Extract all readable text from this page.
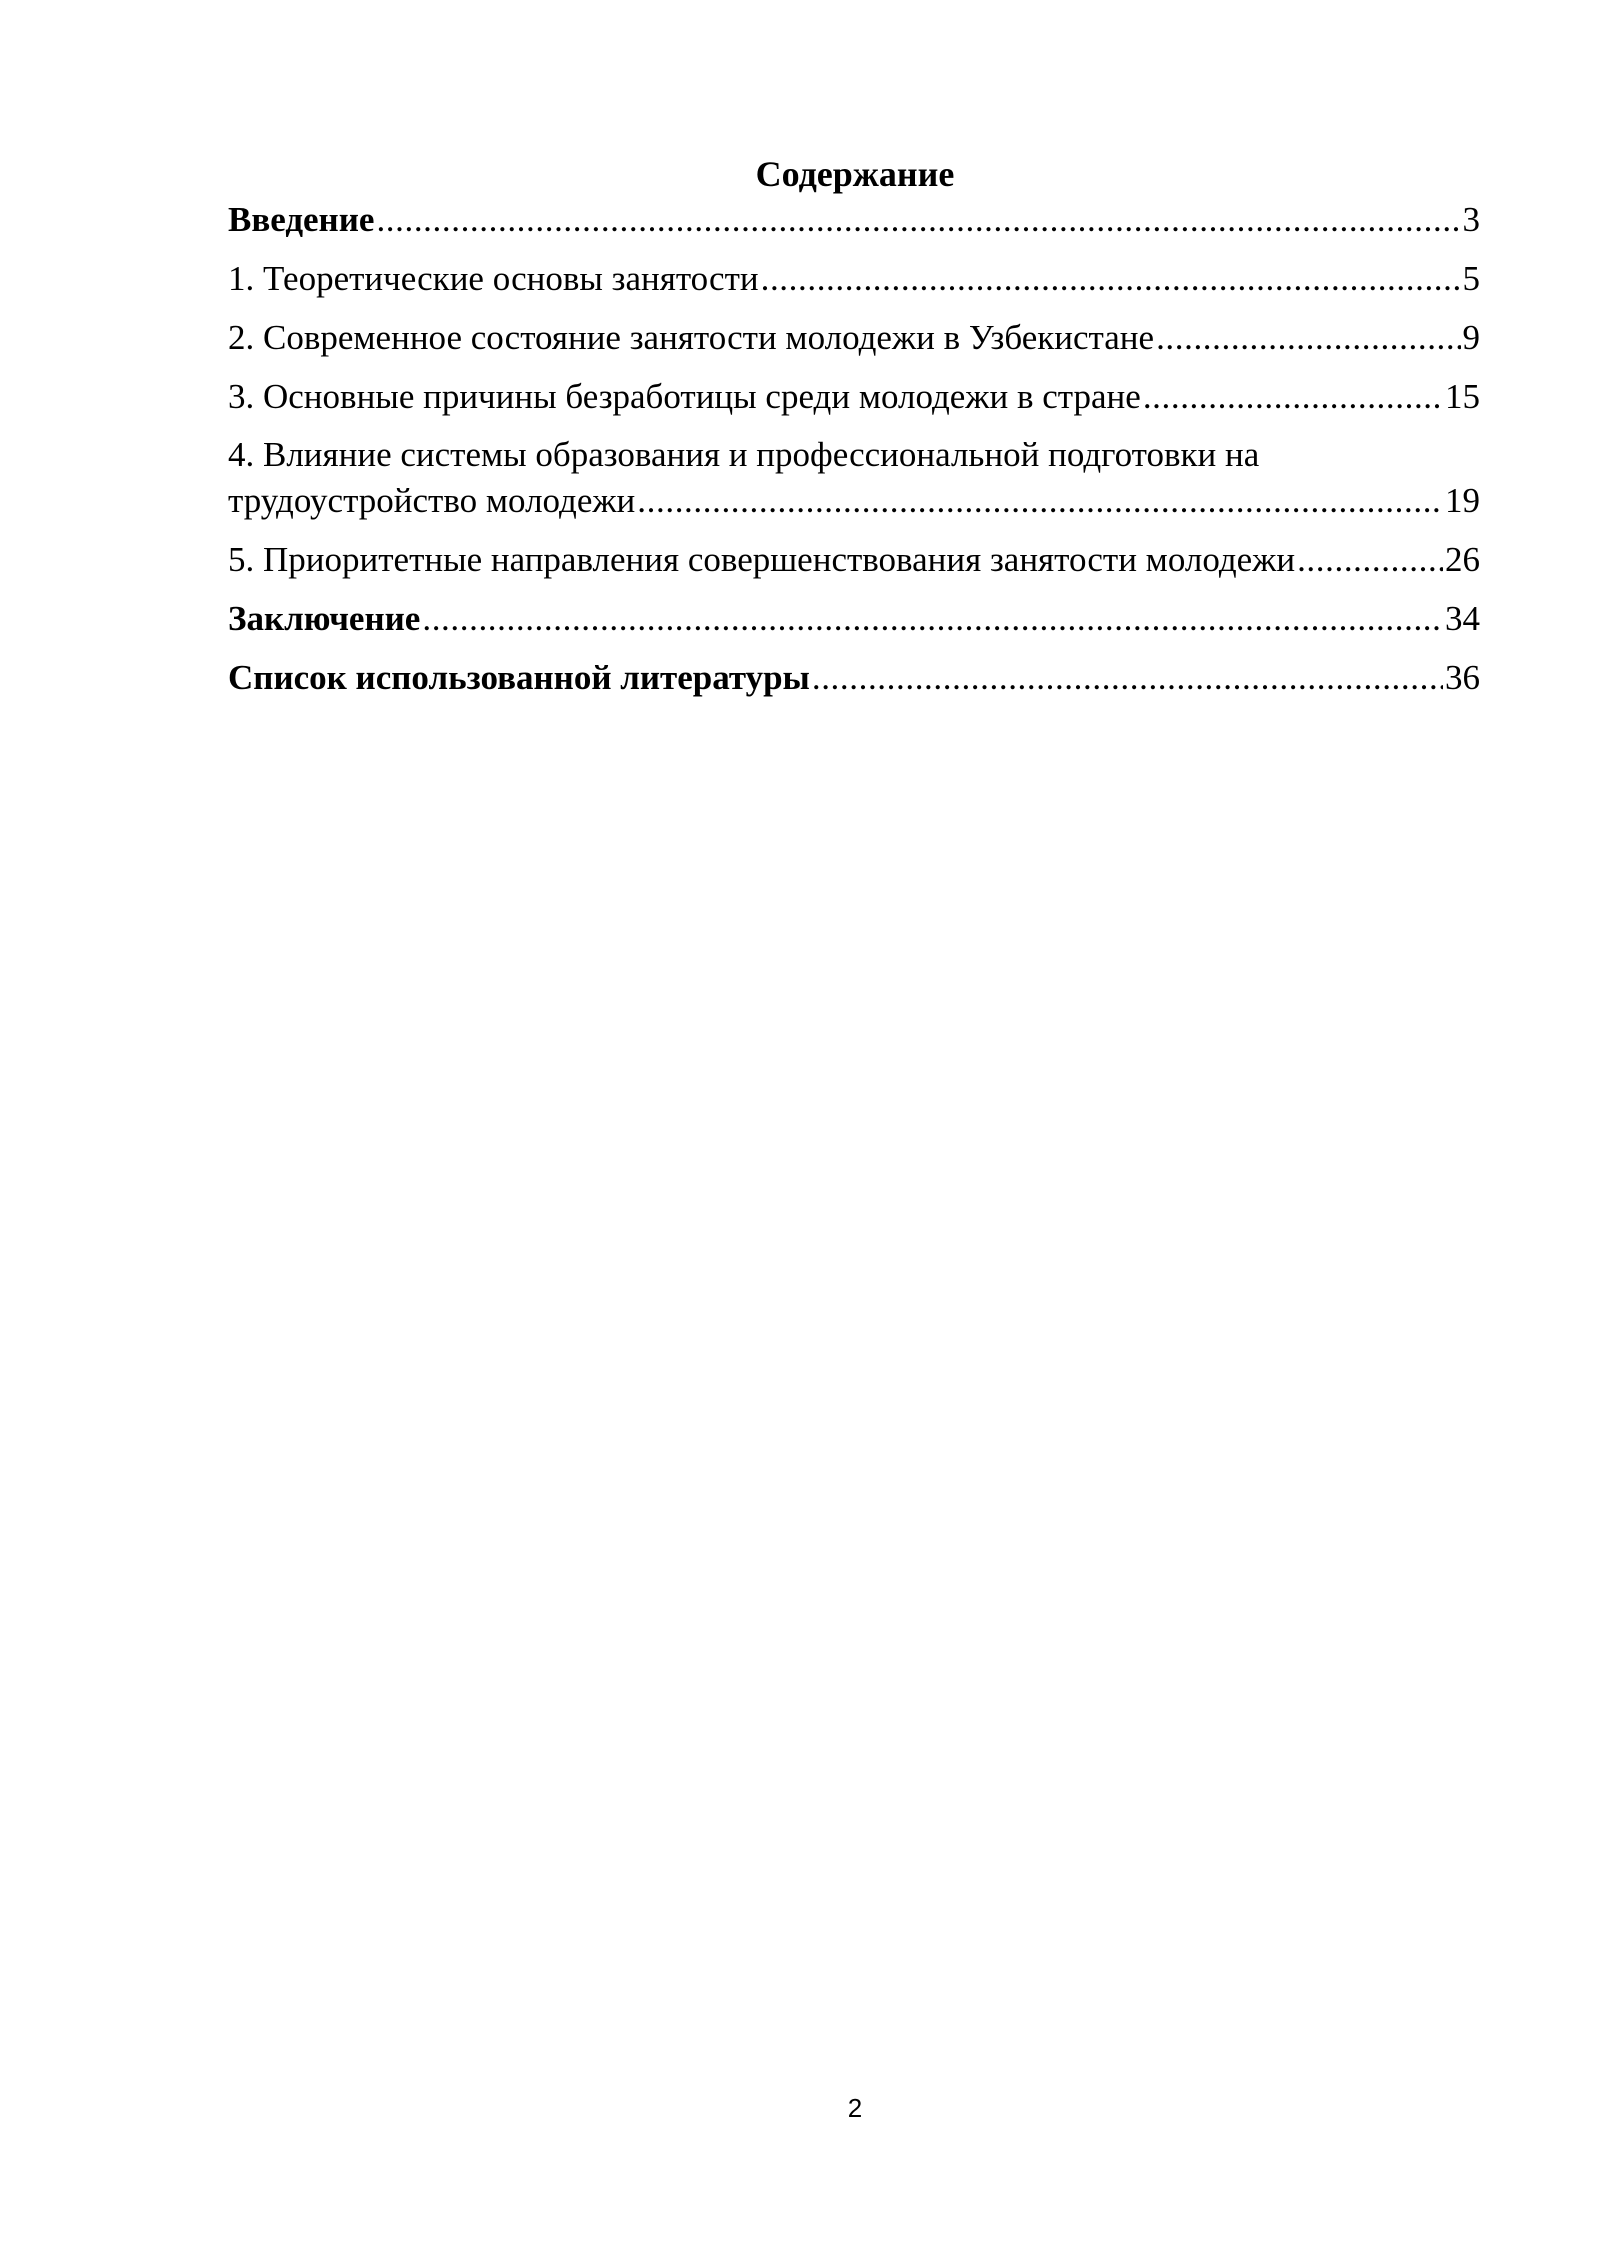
Содержание
Введение .....	3
1. Теоретические основы занятости .....	5
2. Современное состояние занятости молодежи в Узбекистане .....	9
3. Основные причины безработицы среди молодежи в стране .....	15
4. Влияние системы образования и профессиональной подготовки на
трудоустройство молодежи .....	19
5. Приоритетные направления совершенствования занятости молодежи .....	26
Заключение .....	34
Список использованной литературы .....	36
2
